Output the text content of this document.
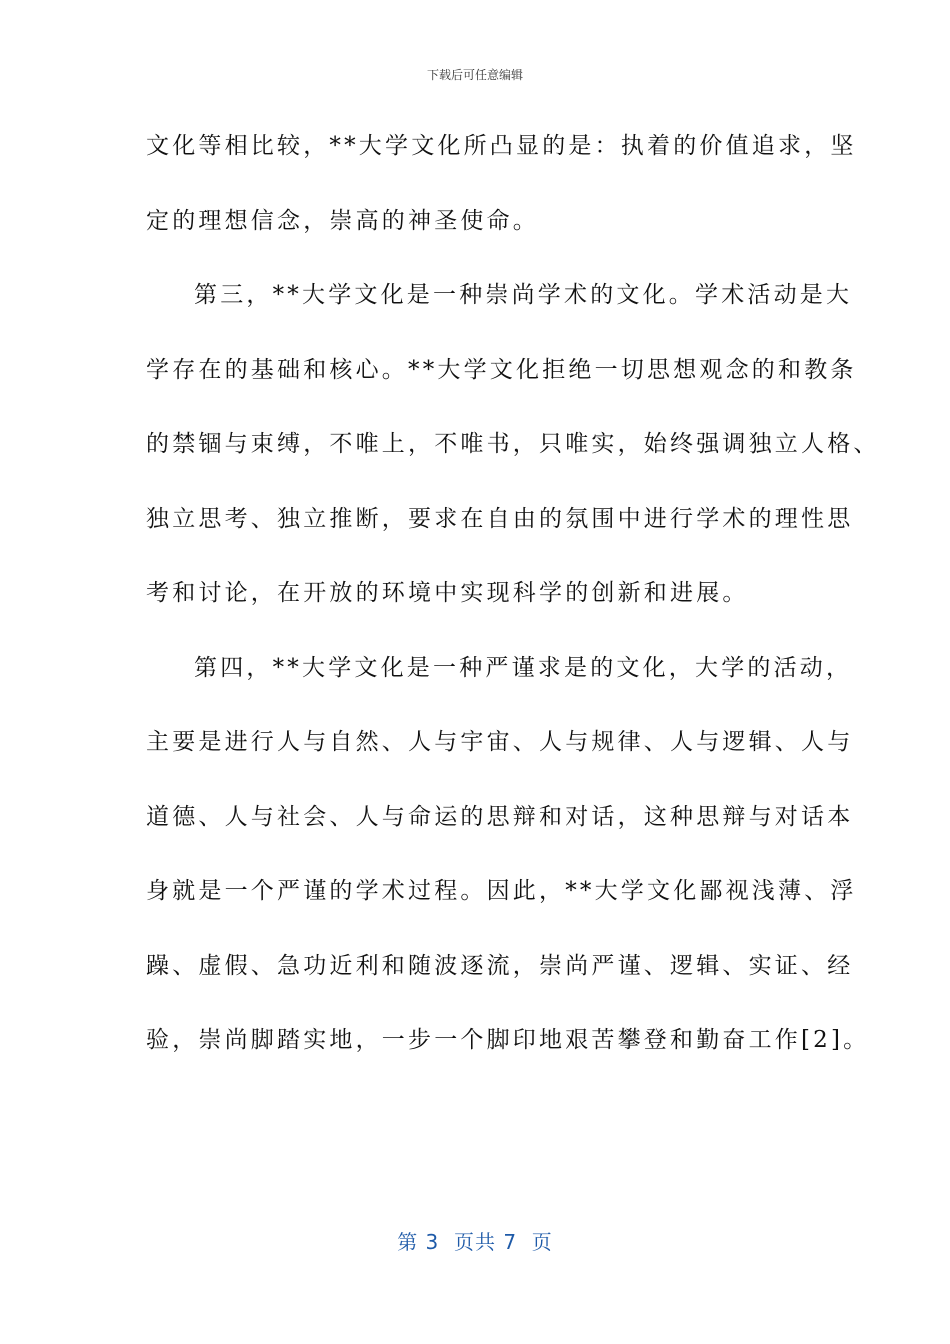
下载后可任意编辑
文化等相比较，**大学文化所凸显的是：执着的价值追求，坚
定的理想信念，崇高的神圣使命。
第三，**大学文化是一种崇尚学术的文化。学术活动是大
学存在的基础和核心。**大学文化拒绝一切思想观念的和教条
的禁锢与束缚，不唯上，不唯书，只唯实，始终强调独立人格、
独立思考、独立推断，要求在自由的氛围中进行学术的理性思
考和讨论，在开放的环境中实现科学的创新和进展。
第四，**大学文化是一种严谨求是的文化，大学的活动，
主要是进行人与自然、人与宇宙、人与规律、人与逻辑、人与
道德、人与社会、人与命运的思辩和对话，这种思辩与对话本
身就是一个严谨的学术过程。因此，**大学文化鄙视浅薄、浮
躁、虚假、急功近利和随波逐流，崇尚严谨、逻辑、实证、经
验，崇尚脚踏实地，一步一个脚印地艰苦攀登和勤奋工作[2]。
第 3  页共 7  页
